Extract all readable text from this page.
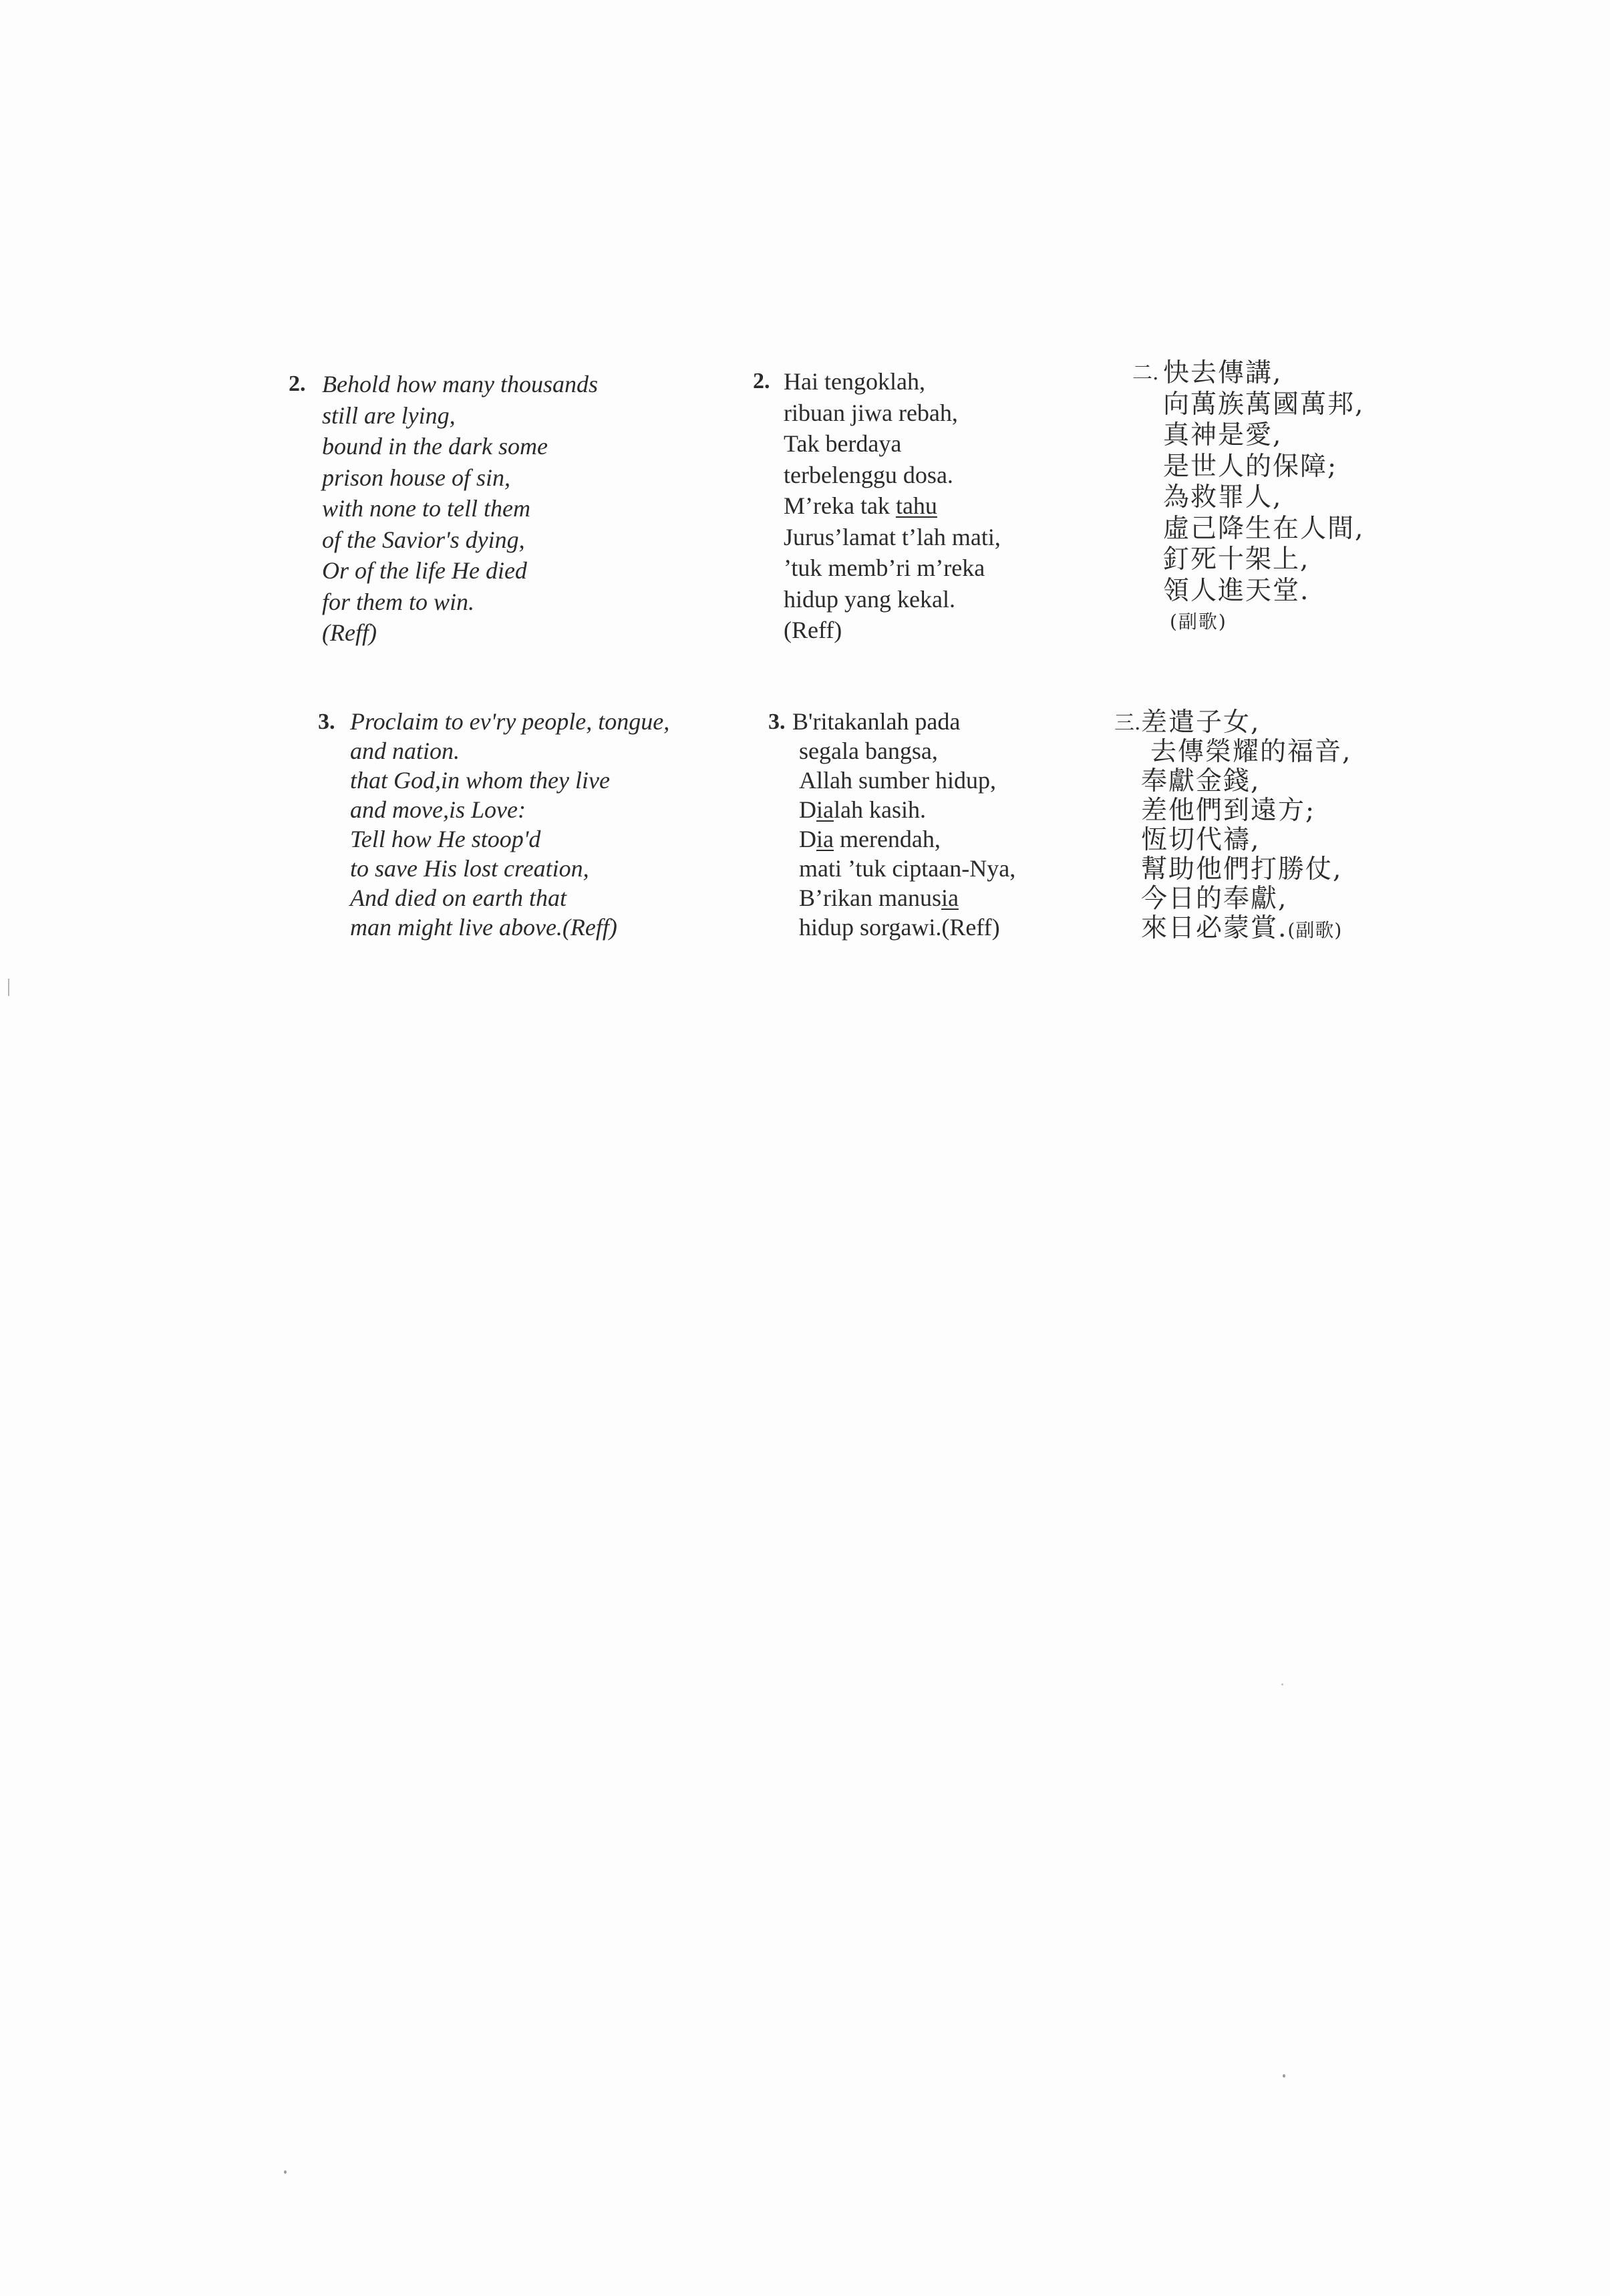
2. Behold how many thousands
still are lying,
bound in the dark some
prison house of sin,
with none to tell them
of the Savior's dying,
Or of the life He died
for them to win.
(Reff)
2. Hai tengoklah,
ribuan jiwa rebah,
Tak berdaya
terbelenggu dosa.
M’reka tak tahu
Jurus’lamat t’lah mati,
’tuk memb’ri m’reka
hidup yang kekal.
(Reff)
二. 快去傳講,
向萬族萬國萬邦,
真神是愛,
是世人的保障;
為救罪人,
虛己降生在人間,
釘死十架上,
領人進天堂.
(副歌)
3. Proclaim to ev'ry people, tongue,
and nation.
that God,in whom they live
and move,is Love:
Tell how He stoop'd
to save His lost creation,
And died on earth that
man might live above.(Reff)
3. B'ritakanlah pada
segala bangsa,
Allah sumber hidup,
Dialah kasih.
Dia merendah,
mati ’tuk ciptaan-Nya,
B’rikan manusia
hidup sorgawi.(Reff)
三. 差遣子女,
去傳榮耀的福音,
奉獻金錢,
差他們到遠方;
恆切代禱,
幫助他們打勝仗,
今日的奉獻,
來日必蒙賞.(副歌)
